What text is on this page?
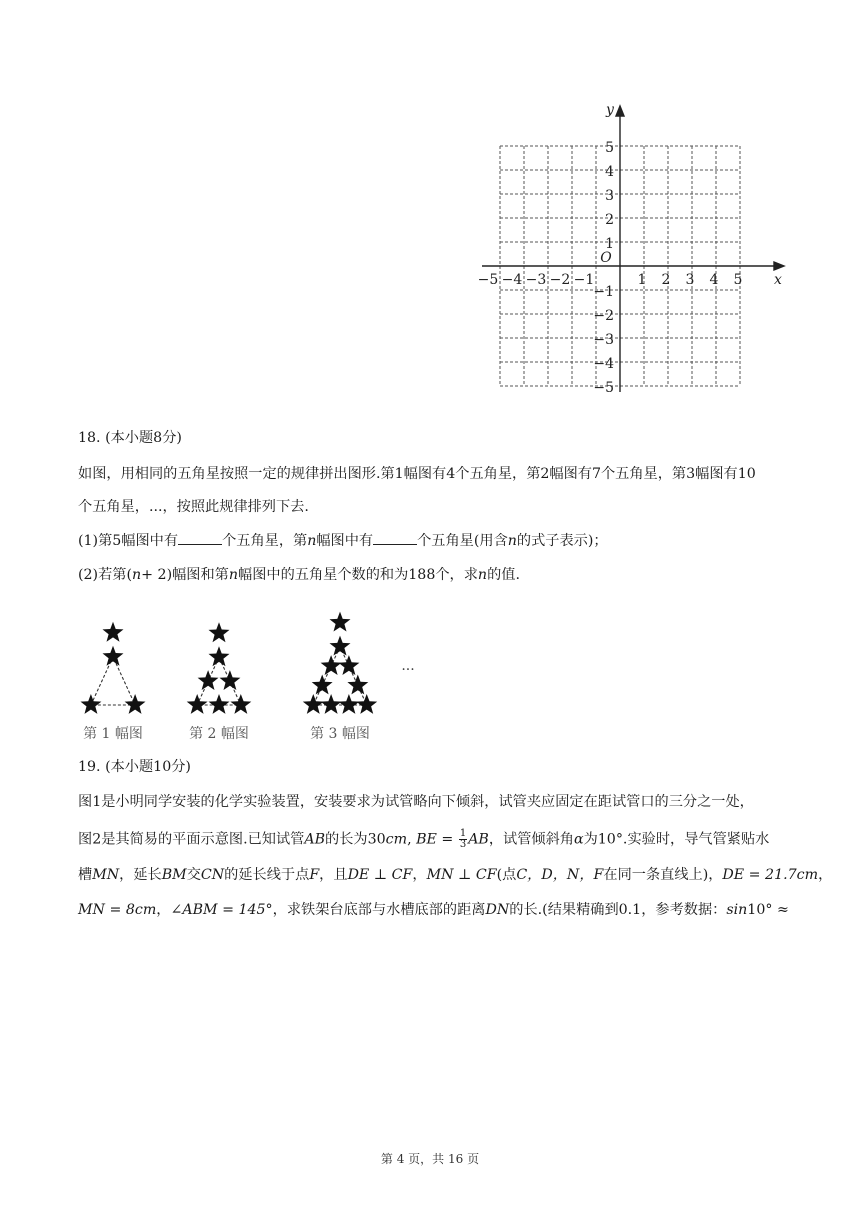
−5 −4 −3 −2 −1	1 2 3 4 5
5
4
3
2
1
−1
−2
−3
−4
−5
O
x
y
18. (本小题8分)
如图，用相同的五角星按照一定的规律拼出图形.第1幅图有4个五角星，第2幅图有7个五角星，第3幅图有10
个五角星，...，按照此规律排列下去.
(1)第5幅图中有	个五角星，第n幅图中有	个五角星(用含n的式子表示)；
(2)若第(n+ 2)幅图和第n幅图中的五角星个数的和为188个，求n的值.
第 1 幅图	第 2 幅图	第 3 幅图
...
19. (本小题10分)
图1是小明同学安装的化学实验装置，安装要求为试管略向下倾斜，试管夹应固定在距试管口的三分之一处，
图2是其简易的平面示意图.已知试管AB的长为30cm, BE = $\frac{1}{3}$ AB，试管倾斜角α为10°.实验时，导气管紧贴水
槽MN，延长BM交CN的延长线于点F，且DE ⊥ CF，MN ⊥ CF(点C，D，N，F在同一条直线上)，DE = 21.7cm，
MN = 8cm，∠ABM = 145°，求铁架台底部与水槽底部的距离DN的长.(结果精确到0.1，参考数据：sin10° ≈
第 4 页，共 16 页
